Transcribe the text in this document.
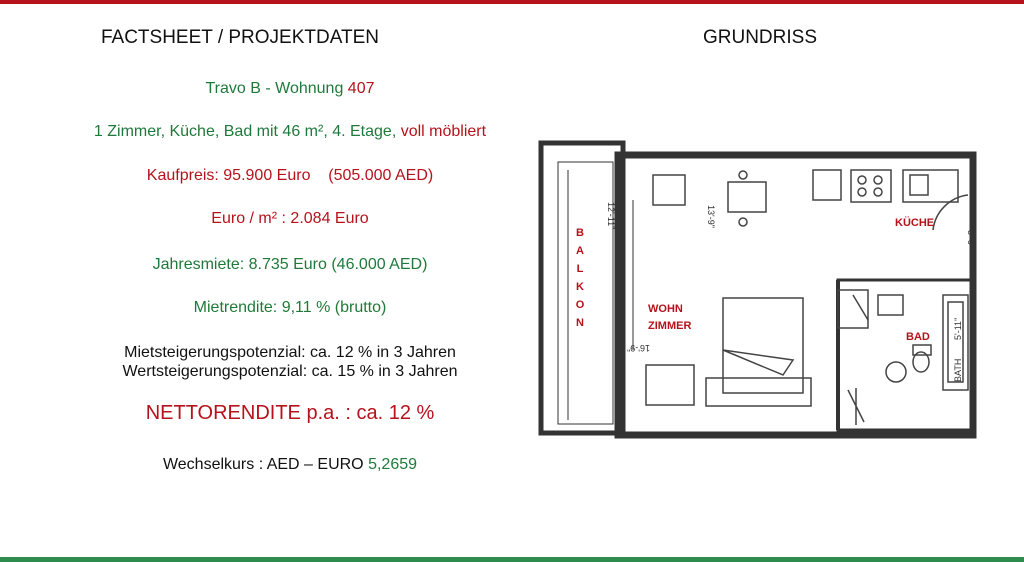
FACTSHEET / PROJEKTDATEN	GRUNDRISS
Travo B - Wohnung 407
1 Zimmer, Küche, Bad mit 46 m², 4. Etage, voll möbliert
Kaufpreis: 95.900 Euro    (505.000 AED)
Euro / m² : 2.084 Euro
Jahresmiete: 8.735 Euro (46.000 AED)
Mietrendite: 9,11 % (brutto)
Mietsteigerungspotenzial: ca. 12 % in 3 Jahren
Wertsteigerungspotenzial: ca. 15 % in 3 Jahren
NETTORENDITE p.a. : ca. 12 %
Wechselkurs : AED – EURO 5,2659
B
A
L
K
O
N
KÜCHE
WOHN
ZIMMER
BAD
12'-11"	13'-9"
16'-9"
8'-6"
5'-11"
BATH
